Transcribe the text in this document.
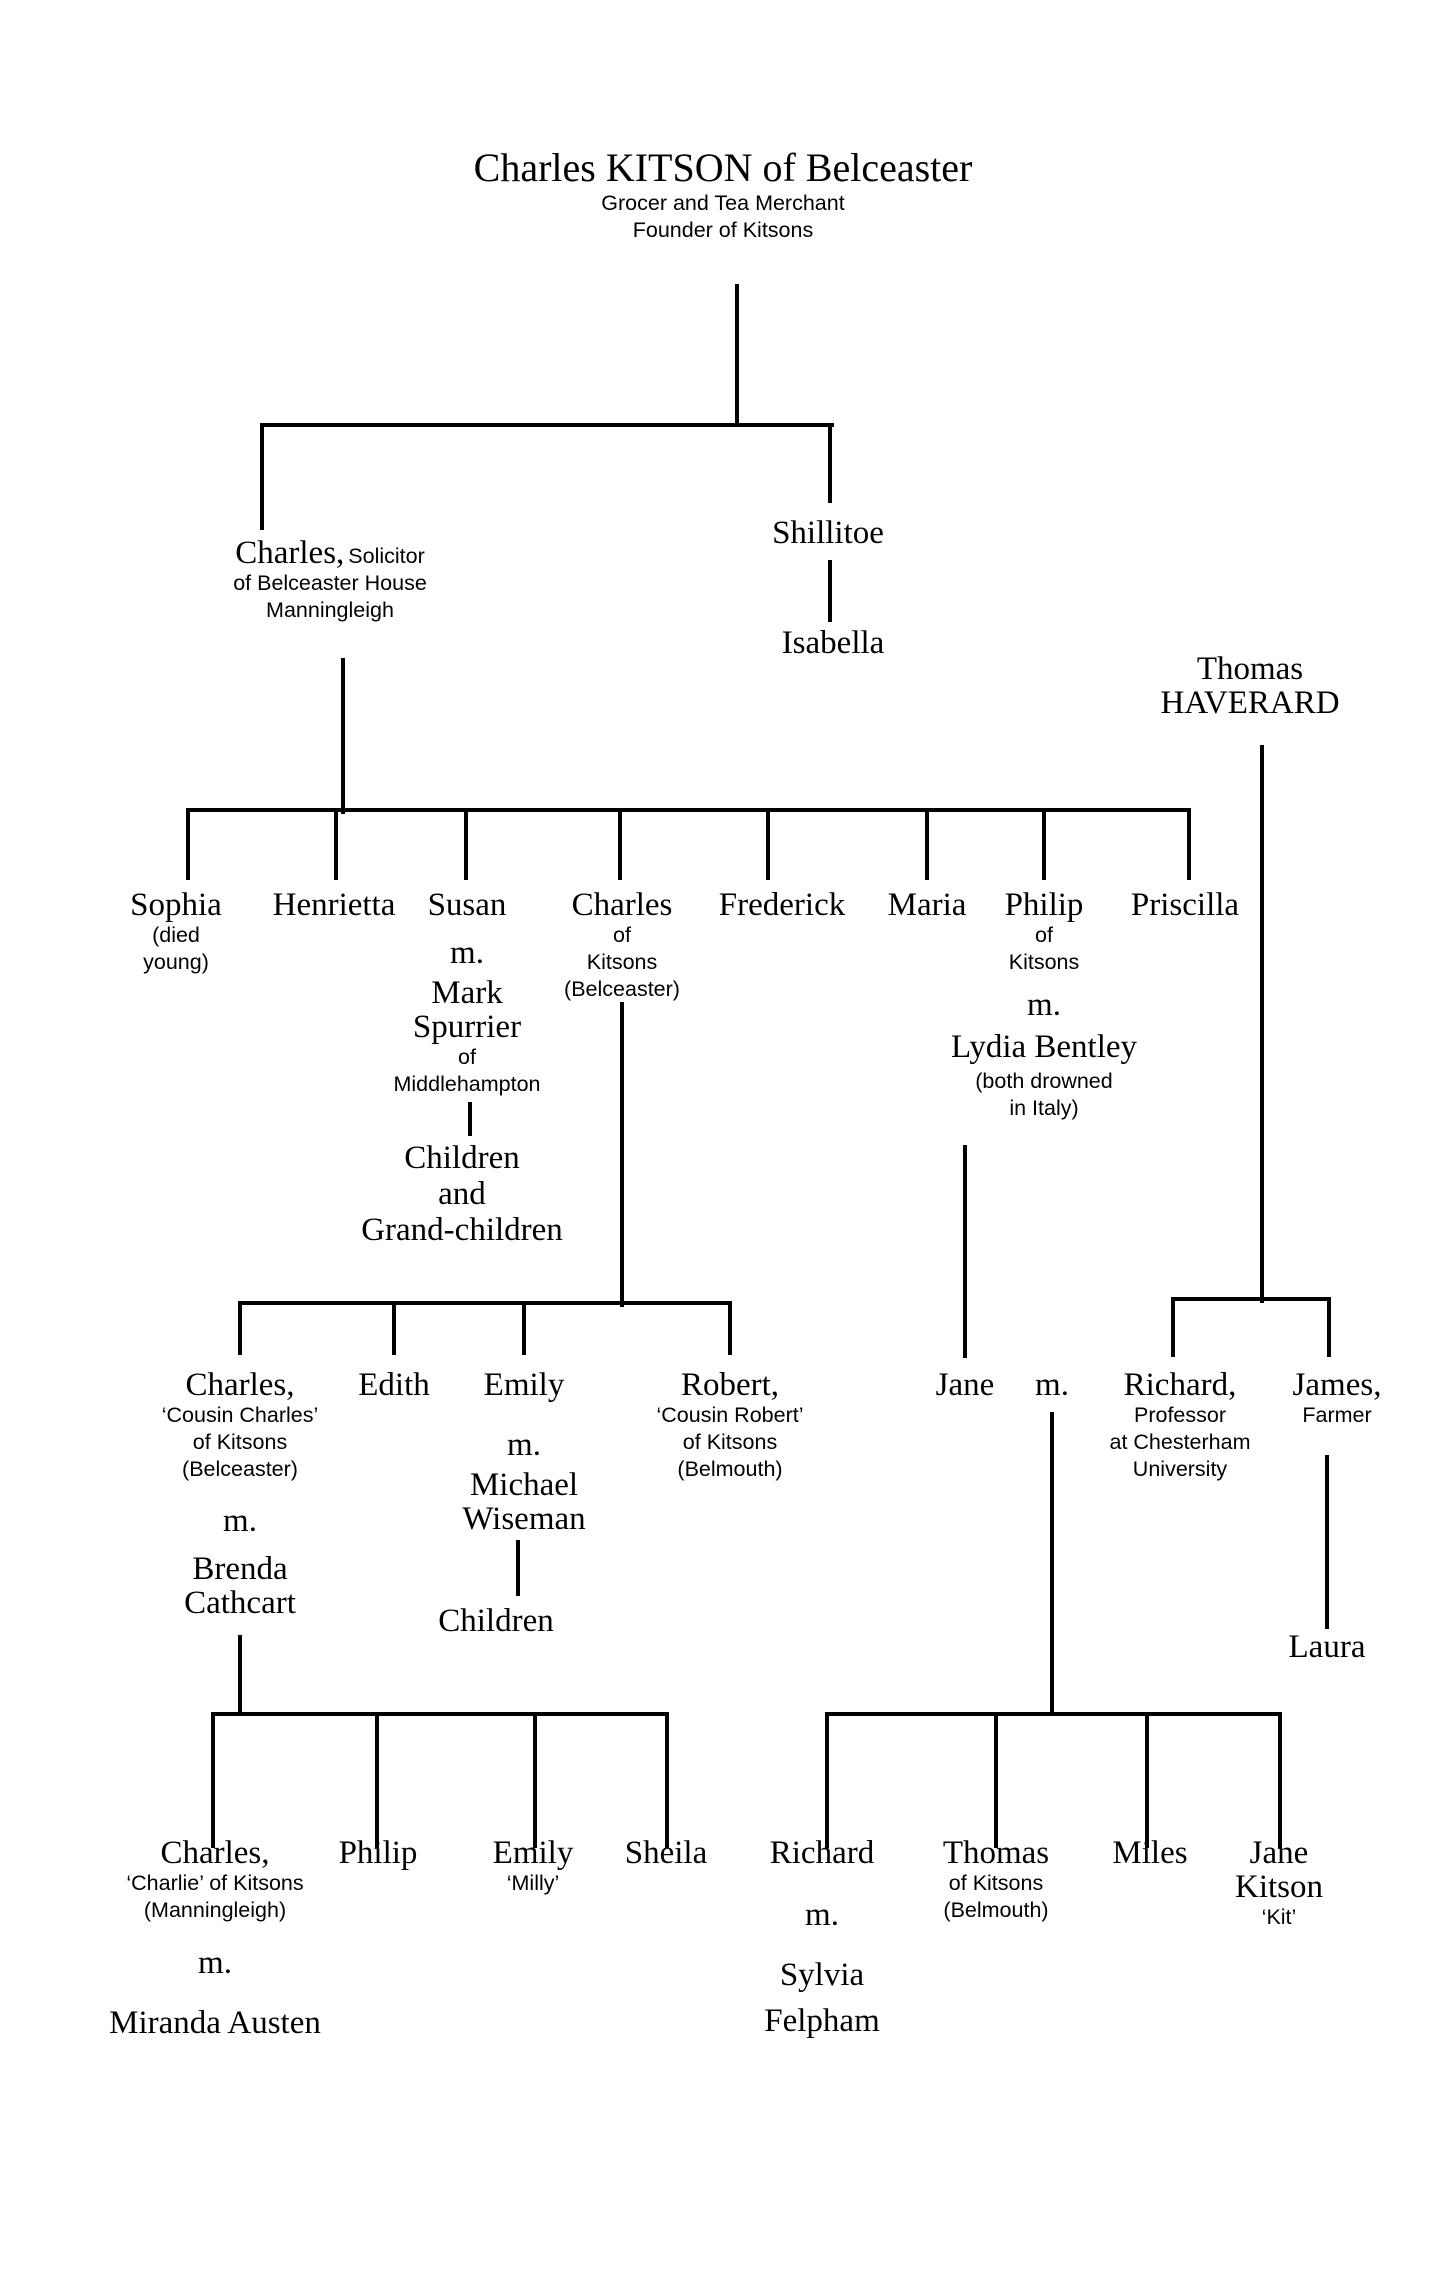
Charles KITSON of Belceaster
Grocer and Tea Merchant
Founder of Kitsons
Charles, Solicitor
of Belceaster House
Manningleigh
Shillitoe
Isabella
Thomas
HAVERARD
Sophia
(died
young)
Henrietta Susan
m.
Mark
Spurrier
of
Middlehampton
Children
and
Grand-children
Charles
of
Kitsons
(Belceaster)
Frederick Maria	Philip
of
Kitsons
m.
Lydia Bentley
(both drowned
in Italy)
Priscilla
Charles,
‘Cousin Charles’
of Kitsons
(Belceaster)
m.
Brenda
Cathcart
Edith	Emily
m.
Michael
Wiseman
Children
Robert,
‘Cousin Robert’
of Kitsons
(Belmouth)
Jane m.	Richard,
Professor
at Chesterham
University
James,
Farmer
Laura
Charles,
‘Charlie’ of Kitsons
(Manningleigh)
m.
Miranda Austen
Philip Emily
‘Milly’
Sheila Richard
m.
Sylvia
Felpham
Thomas
of Kitsons
(Belmouth)
Miles	Jane
Kitson
‘Kit’
